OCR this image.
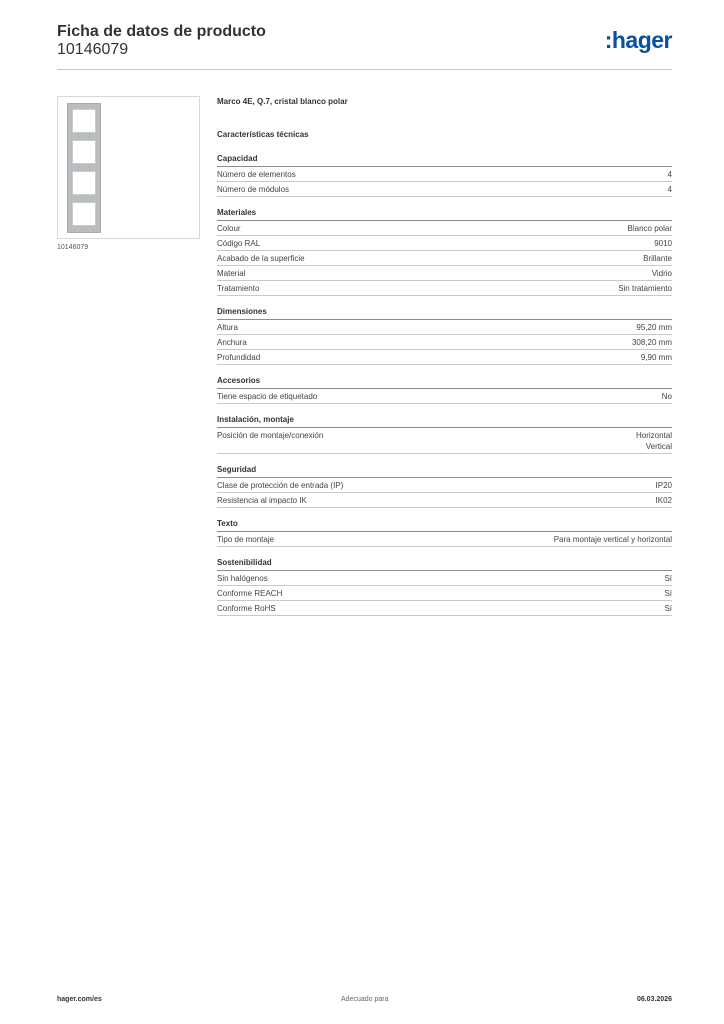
Ficha de datos de producto
10146079	:hager
10146079
Marco 4E, Q.7, cristal blanco polar
Características técnicas
Capacidad
Número de elementos	4
Número de módulos	4
Materiales
Colour	Blanco polar
Código RAL	9010
Acabado de la superficie	Brillante
Material	Vidrio
Tratamiento	Sin tratamiento
Dimensiones
Altura	95,20 mm
Anchura	308,20 mm
Profundidad	9,90 mm
Accesorios
Tiene espacio de etiquetado	No
Instalación, montaje
Posición de montaje/conexión	Horizontal
Vertical
Seguridad
Clase de protección de entrada (IP)	IP20
Resistencia al impacto IK	IK02
Texto
Tipo de montaje	Para montaje vertical y horizontal
Sostenibilidad
Sin halógenos	Sí
Conforme REACH	Sí
Conforme RoHS	Sí
hager.com/es	Adecuado para	06.03.2026
